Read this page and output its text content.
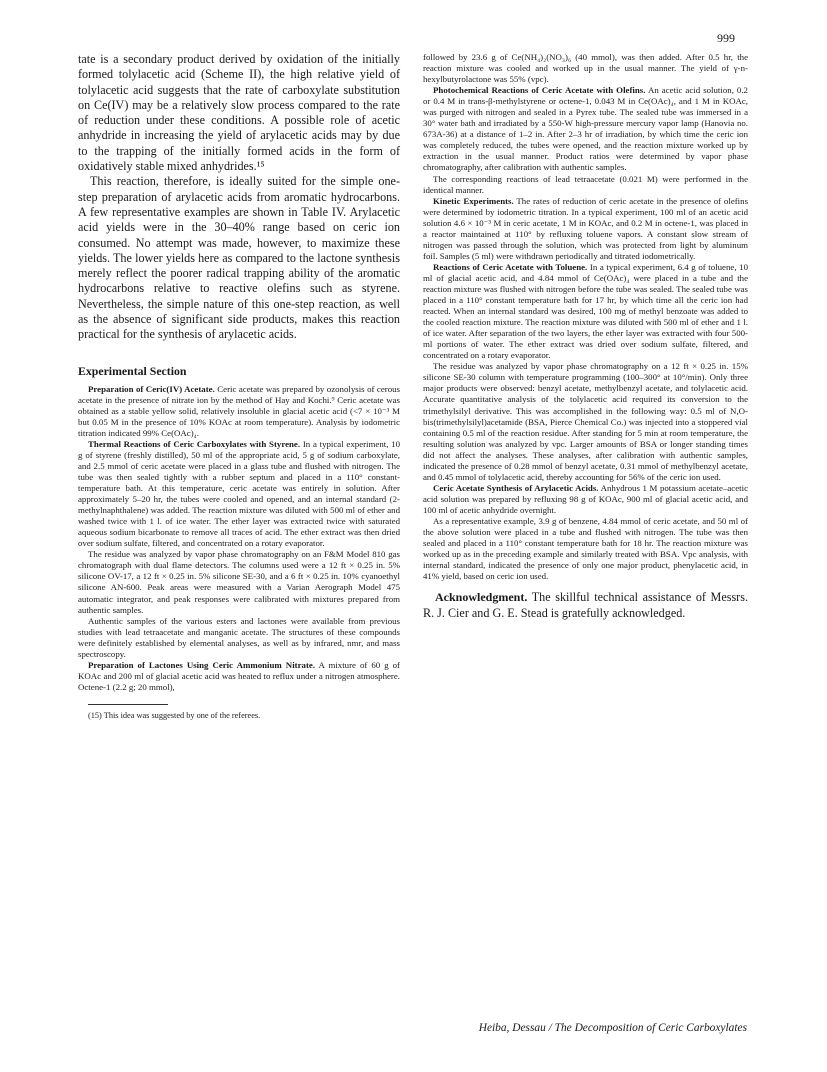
999

tate is a secondary product derived by oxidation of the initially formed tolylacetic acid (Scheme II), the high relative yield of tolylacetic acid suggests that the rate of carboxylate substitution on Ce(IV) may be a relatively slow process compared to the rate of reduction under these conditions. A possible role of acetic anhydride in increasing the yield of arylacetic acids may by due to the trapping of the initially formed acids in the form of oxidatively stable mixed anhydrides.¹⁵

This reaction, therefore, is ideally suited for the simple one-step preparation of arylacetic acids from aromatic hydrocarbons. A few representative examples are shown in Table IV. Arylacetic acid yields were in the 30–40% range based on ceric ion consumed. No attempt was made, however, to maximize these yields. The lower yields here as compared to the lactone synthesis merely reflect the poorer radical trapping ability of the aromatic hydrocarbons relative to reactive olefins such as styrene. Nevertheless, the simple nature of this one-step reaction, as well as the absence of significant side products, makes this reaction practical for the synthesis of arylacetic acids.

Experimental Section

Preparation of Ceric(IV) Acetate. Ceric acetate was prepared by ozonolysis of cerous acetate in the presence of nitrate ion by the method of Hay and Kochi.⁹ Ceric acetate was obtained as a stable yellow solid, relatively insoluble in glacial acetic acid (<7 × 10⁻³ M but 0.05 M in the presence of 10% KOAc at room temperature). Analysis by iodometric titration indicated 99% Ce(OAc)₄.

Thermal Reactions of Ceric Carboxylates with Styrene. In a typical experiment, 10 g of styrene (freshly distilled), 50 ml of the appropriate acid, 5 g of sodium carboxylate, and 2.5 mmol of ceric acetate were placed in a glass tube and flushed with nitrogen. The tube was then sealed tightly with a rubber septum and placed in a 110° constant-temperature bath. At this temperature, ceric acetate was entirely in solution. After approximately 5–20 hr, the tubes were cooled and opened, and an internal standard (2-methylnaphthalene) was added. The reaction mixture was diluted with 500 ml of ether and washed twice with 1 l. of ice water. The ether layer was extracted twice with saturated aqueous sodium bicarbonate to remove all traces of acid. The ether extract was then dried over sodium sulfate, filtered, and concentrated on a rotary evaporator.

The residue was analyzed by vapor phase chromatography on an F&M Model 810 gas chromatograph with dual flame detectors. The columns used were a 12 ft × 0.25 in. 5% silicone OV-17, a 12 ft × 0.25 in. 5% silicone SE-30, and a 6 ft × 0.25 in. 10% cyanoethyl silicone AN-600. Peak areas were measured with a Varian Aerograph Model 475 automatic integrator, and peak responses were calibrated with mixtures prepared from authentic samples.

Authentic samples of the various esters and lactones were available from previous studies with lead tetraacetate and manganic acetate. The structures of these compounds were definitely established by elemental analyses, as well as by infrared, nmr, and mass spectroscopy.

Preparation of Lactones Using Ceric Ammonium Nitrate. A mixture of 60 g of KOAc and 200 ml of glacial acetic acid was heated to reflux under a nitrogen atmosphere. Octene-1 (2.2 g; 20 mmol),

(15) This idea was suggested by one of the referees.

followed by 23.6 g of Ce(NH₄)₂(NO₃)₆ (40 mmol), was then added. After 0.5 hr, the reaction mixture was cooled and worked up in the usual manner. The yield of γ-n-hexylbutyrolactone was 55% (vpc).

Photochemical Reactions of Ceric Acetate with Olefins. An acetic acid solution, 0.2 or 0.4 M in trans-β-methylstyrene or octene-1, 0.043 M in Ce(OAc)₄, and 1 M in KOAc, was purged with nitrogen and sealed in a Pyrex tube. The sealed tube was immersed in a 30° water bath and irradiated by a 550-W high-pressure mercury vapor lamp (Hanovia no. 673A-36) at a distance of 1–2 in. After 2–3 hr of irradiation, by which time the ceric ion was completely reduced, the tubes were opened, and the reaction mixture worked up by extraction in the usual manner. Product ratios were determined by vapor phase chromatography, after calibration with authentic samples.

The corresponding reactions of lead tetraacetate (0.021 M) were performed in the identical manner.

Kinetic Experiments. The rates of reduction of ceric acetate in the presence of olefins were determined by iodometric titration. In a typical experiment, 100 ml of an acetic acid solution 4.6 × 10⁻³ M in ceric acetate, 1 M in KOAc, and 0.2 M in octene-1, was placed in a reactor maintained at 110° by refluxing toluene vapors. A constant slow stream of nitrogen was passed through the solution, which was protected from light by aluminum foil. Samples (5 ml) were withdrawn periodically and titrated iodometrically.

Reactions of Ceric Acetate with Toluene. In a typical experiment, 6.4 g of toluene, 10 ml of glacial acetic acid, and 4.84 mmol of Ce(OAc)₄ were placed in a tube and the reaction mixture was flushed with nitrogen before the tube was sealed. The sealed tube was placed in a 110° constant temperature bath for 17 hr, by which time all the ceric ion had reacted. When an internal standard was desired, 100 mg of methyl benzoate was added to the cooled reaction mixture. The reaction mixture was diluted with 500 ml of ether and 1 l. of ice water. After separation of the two layers, the ether layer was extracted with four 500-ml portions of water. The ether extract was dried over sodium sulfate, filtered, and concentrated on a rotary evaporator.

The residue was analyzed by vapor phase chromatography on a 12 ft × 0.25 in. 15% silicone SE-30 column with temperature programming (100–300° at 10°/min). Only three major products were observed: benzyl acetate, methylbenzyl acetate, and tolylacetic acid. Accurate quantitative analysis of the tolylacetic acid required its conversion to the trimethylsilyl derivative. This was accomplished in the following way: 0.5 ml of N,O-bis(trimethylsilyl)acetamide (BSA, Pierce Chemical Co.) was injected into a stoppered vial containing 0.5 ml of the reaction residue. After standing for 5 min at room temperature, the resulting solution was analyzed by vpc. Larger amounts of BSA or longer standing times did not affect the analyses. These analyses, after calibration with authentic samples, indicated the presence of 0.28 mmol of benzyl acetate, 0.31 mmol of methylbenzyl acetate, and 0.45 mmol of tolylacetic acid, thereby accounting for 56% of the ceric ion used.

Ceric Acetate Synthesis of Arylacetic Acids. Anhydrous 1 M potassium acetate–acetic acid solution was prepared by refluxing 98 g of KOAc, 900 ml of glacial acetic acid, and 100 ml of acetic anhydride overnight.

As a representative example, 3.9 g of benzene, 4.84 mmol of ceric acetate, and 50 ml of the above solution were placed in a tube and flushed with nitrogen. The tube was then sealed and placed in a 110° constant temperature bath for 18 hr. The reaction mixture was worked up as in the preceding example and similarly treated with BSA. Vpc analysis, with internal standard, indicated the presence of only one major product, phenylacetic acid, in 41% yield, based on ceric ion used.

Acknowledgment. The skillful technical assistance of Messrs. R. J. Cier and G. E. Stead is gratefully acknowledged.

Heiba, Dessau / The Decomposition of Ceric Carboxylates
